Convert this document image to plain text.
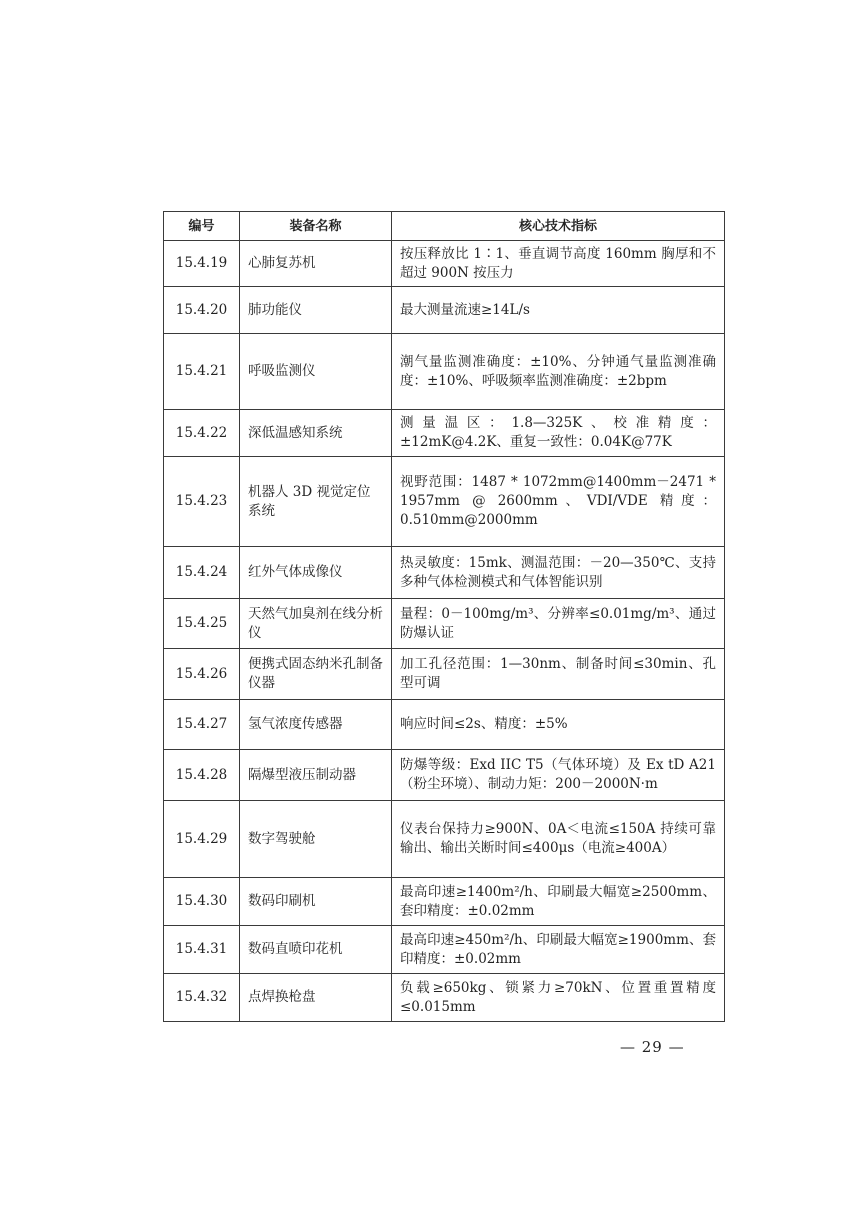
编号	装备名称	核心技术指标
15.4.19	心肺复苏机	按压释放比 1∶1、垂直调节高度 160mm 胸厚和不超过 900N 按压力
15.4.20	肺功能仪	最大测量流速≥14L/s
15.4.21	呼吸监测仪	潮气量监测准确度：±10%、分钟通气量监测准确度：±10%、呼吸频率监测准确度：±2bpm
15.4.22	深低温感知系统	测量温区：1.8—325K、校准精度：±12mK@4.2K、重复一致性：0.04K@77K
15.4.23	机器人 3D 视觉定位系统	视野范围：1487 * 1072mm@1400mm－2471 * 1957mm @ 2600mm、VDI/VDE 精度：0.510mm@2000mm
15.4.24	红外气体成像仪	热灵敏度：15mk、测温范围：－20—350℃、支持多种气体检测模式和气体智能识别
15.4.25	天然气加臭剂在线分析仪	量程：0－100mg/m³、分辨率≤0.01mg/m³、通过防爆认证
15.4.26	便携式固态纳米孔制备仪器	加工孔径范围：1—30nm、制备时间≤30min、孔型可调
15.4.27	氢气浓度传感器	响应时间≤2s、精度：±5%
15.4.28	隔爆型液压制动器	防爆等级：Exd IIC T5（气体环境）及 Ex tD A21（粉尘环境）、制动力矩：200－2000N·m
15.4.29	数字驾驶舱	仪表台保持力≥900N、0A＜电流≤150A 持续可靠输出、输出关断时间≤400μs（电流≥400A）
15.4.30	数码印刷机	最高印速≥1400m²/h、印刷最大幅宽≥2500mm、套印精度：±0.02mm
15.4.31	数码直喷印花机	最高印速≥450m²/h、印刷最大幅宽≥1900mm、套印精度：±0.02mm
15.4.32	点焊换枪盘	负载≥650kg、锁紧力≥70kN、位置重置精度≤0.015mm
— 29 —
